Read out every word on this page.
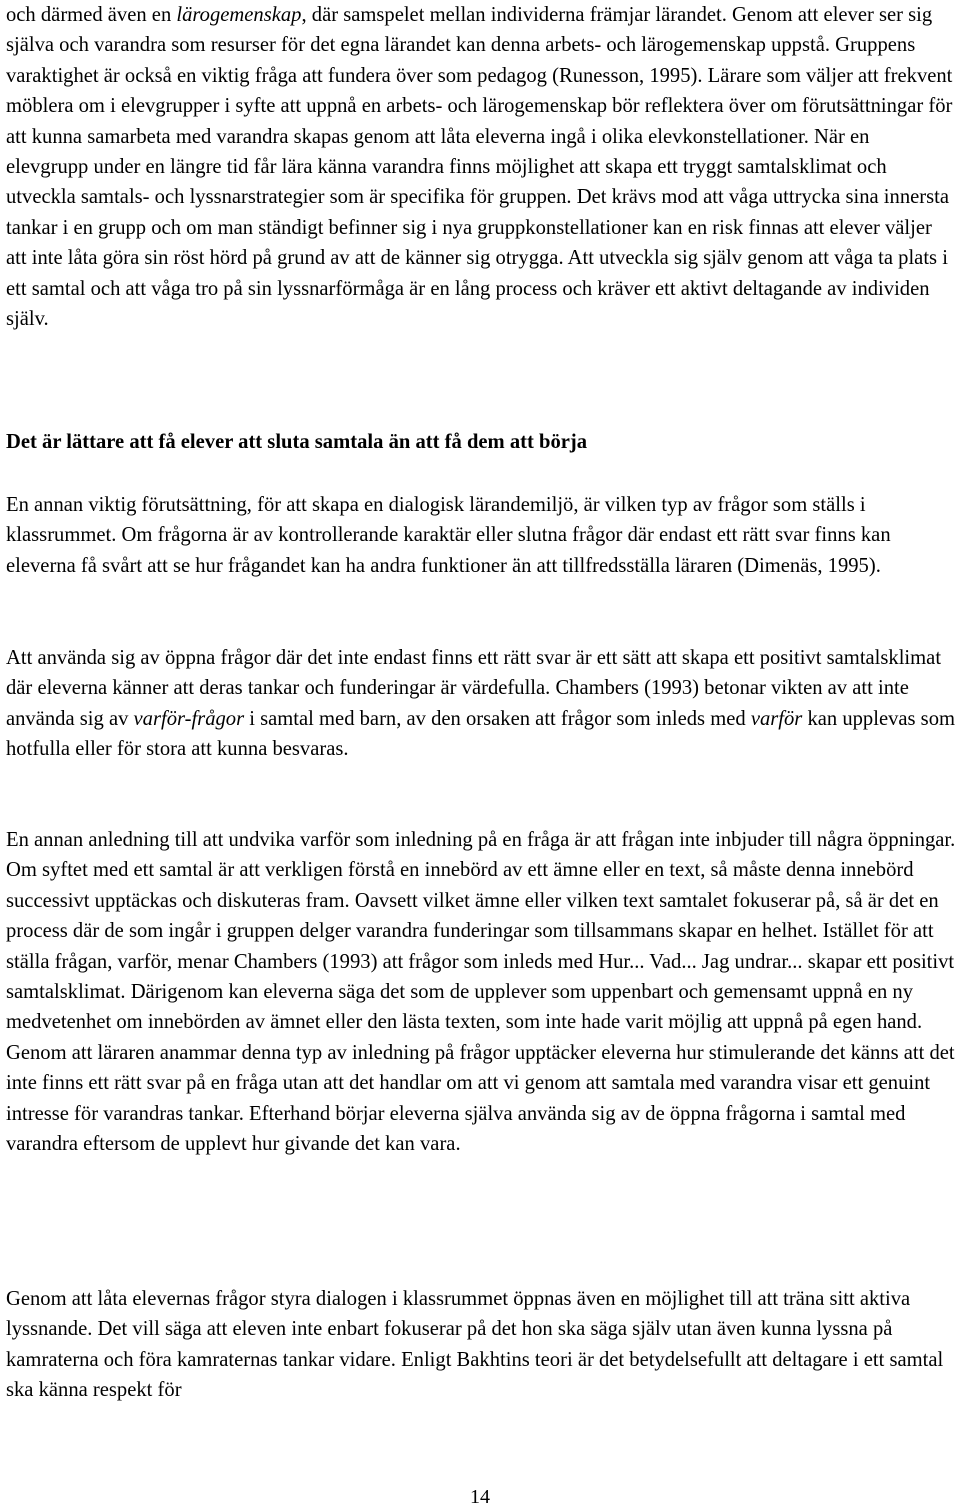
och därmed även en lärogemenskap, där samspelet mellan individerna främjar lärandet. Genom att elever ser sig själva och varandra som resurser för det egna lärandet kan denna arbets- och lärogemenskap uppstå. Gruppens varaktighet är också en viktig fråga att fundera över som pedagog (Runesson, 1995). Lärare som väljer att frekvent möblera om i elevgrupper i syfte att uppnå en arbets- och lärogemenskap bör reflektera över om förutsättningar för att kunna samarbeta med varandra skapas genom att låta eleverna ingå i olika elevkonstellationer. När en elevgrupp under en längre tid får lära känna varandra finns möjlighet att skapa ett tryggt samtalsklimat och utveckla samtals- och lyssnarstrategier som är specifika för gruppen. Det krävs mod att våga uttrycka sina innersta tankar i en grupp och om man ständigt befinner sig i nya gruppkonstellationer kan en risk finnas att elever väljer att inte låta göra sin röst hörd på grund av att de känner sig otrygga. Att utveckla sig själv genom att våga ta plats i ett samtal och att våga tro på sin lyssnarförmåga är en lång process och kräver ett aktivt deltagande av individen själv.

Det är lättare att få elever att sluta samtala än att få dem att börja

En annan viktig förutsättning, för att skapa en dialogisk lärandemiljö, är vilken typ av frågor som ställs i klassrummet. Om frågorna är av kontrollerande karaktär eller slutna frågor där endast ett rätt svar finns kan eleverna få svårt att se hur frågandet kan ha andra funktioner än att tillfredsställa läraren (Dimenäs, 1995).

Att använda sig av öppna frågor där det inte endast finns ett rätt svar är ett sätt att skapa ett positivt samtalsklimat där eleverna känner att deras tankar och funderingar är värdefulla. Chambers (1993) betonar vikten av att inte använda sig av varför-frågor i samtal med barn, av den orsaken att frågor som inleds med varför kan upplevas som hotfulla eller för stora att kunna besvaras.

En annan anledning till att undvika varför som inledning på en fråga är att frågan inte inbjuder till några öppningar. Om syftet med ett samtal är att verkligen förstå en innebörd av ett ämne eller en text, så måste denna innebörd successivt upptäckas och diskuteras fram. Oavsett vilket ämne eller vilken text samtalet fokuserar på, så är det en process där de som ingår i gruppen delger varandra funderingar som tillsammans skapar en helhet. Istället för att ställa frågan, varför, menar Chambers (1993) att frågor som inleds med Hur... Vad... Jag undrar... skapar ett positivt samtalsklimat. Därigenom kan eleverna säga det som de upplever som uppenbart och gemensamt uppnå en ny medvetenhet om innebörden av ämnet eller den lästa texten, som inte hade varit möjlig att uppnå på egen hand. Genom att läraren anammar denna typ av inledning på frågor upptäcker eleverna hur stimulerande det känns att det inte finns ett rätt svar på en fråga utan att det handlar om att vi genom att samtala med varandra visar ett genuint intresse för varandras tankar. Efterhand börjar eleverna själva använda sig av de öppna frågorna i samtal med varandra eftersom de upplevt hur givande det kan vara.

Genom att låta elevernas frågor styra dialogen i klassrummet öppnas även en möjlighet till att träna sitt aktiva lyssnande. Det vill säga att eleven inte enbart fokuserar på det hon ska säga själv utan även kunna lyssna på kamraterna och föra kamraternas tankar vidare. Enligt Bakhtins teori är det betydelsefullt att deltagare i ett samtal ska känna respekt för

14
